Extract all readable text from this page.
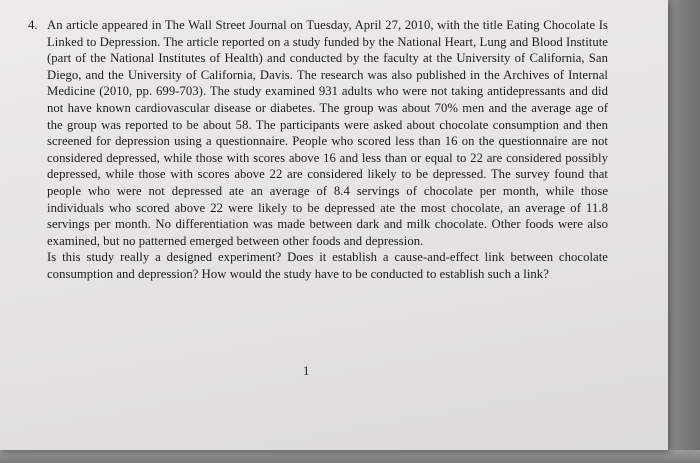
4. An article appeared in The Wall Street Journal on Tuesday, April 27, 2010, with the title Eating Chocolate Is Linked to Depression. The article reported on a study funded by the National Heart, Lung and Blood Institute (part of the National Institutes of Health) and conducted by the faculty at the University of California, San Diego, and the University of California, Davis. The research was also published in the Archives of Internal Medicine (2010, pp. 699-703). The study examined 931 adults who were not taking antidepressants and did not have known cardiovascular disease or diabetes. The group was about 70% men and the average age of the group was reported to be about 58. The participants were asked about chocolate consumption and then screened for depression using a questionnaire. People who scored less than 16 on the questionnaire are not considered depressed, while those with scores above 16 and less than or equal to 22 are considered possibly depressed, while those with scores above 22 are considered likely to be depressed. The survey found that people who were not depressed ate an average of 8.4 servings of chocolate per month, while those individuals who scored above 22 were likely to be depressed ate the most chocolate, an average of 11.8 servings per month. No differentiation was made between dark and milk chocolate. Other foods were also examined, but no patterned emerged between other foods and depression.

Is this study really a designed experiment? Does it establish a cause-and-effect link between chocolate consumption and depression? How would the study have to be conducted to establish such a link?

1
